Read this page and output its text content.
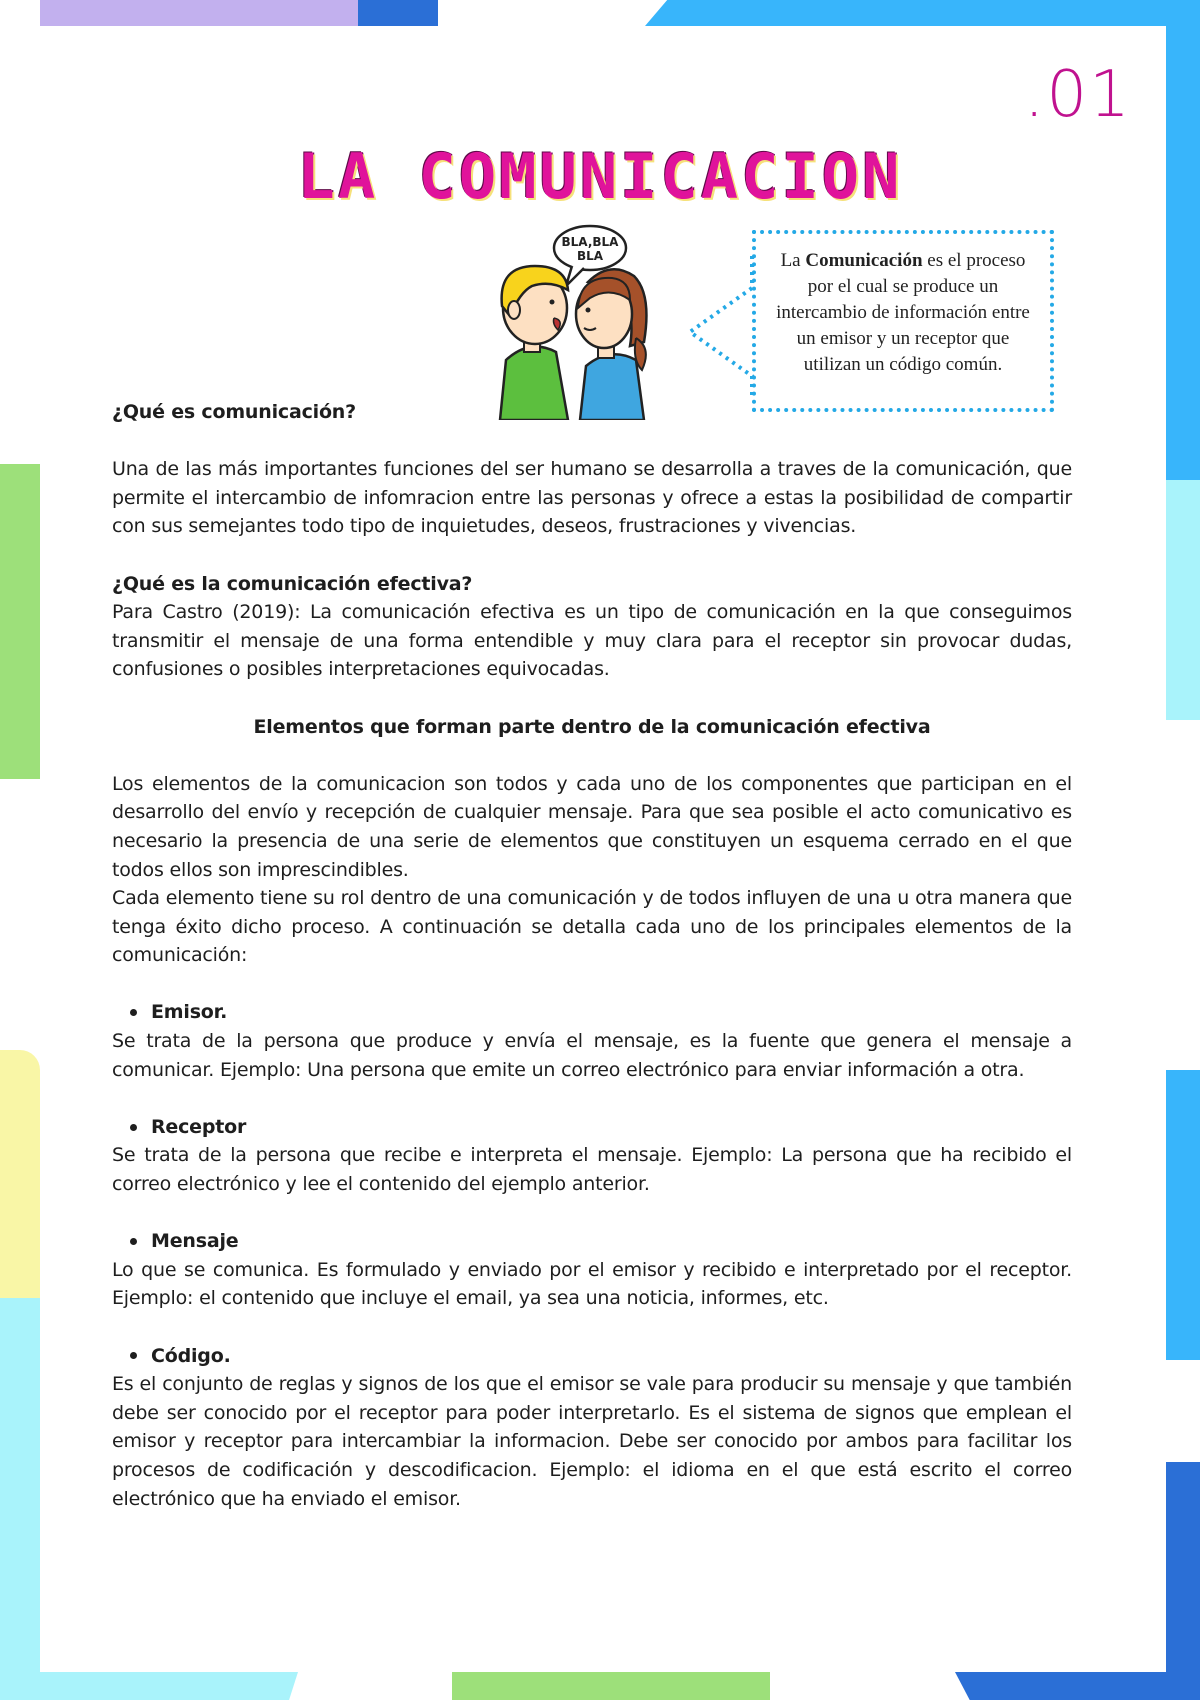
.01
LA COMUNICACION
BLA,BLA
BLA	La Comunicación es el proceso por el cual se produce un intercambio de información entre un emisor y un receptor que utilizan un código común.

¿Qué es comunicación?

Una de las más importantes funciones del ser humano se desarrolla a traves de la comunicación, que permite el intercambio de infomracion entre las personas y ofrece a estas la posibilidad de compartir con sus semejantes todo tipo de inquietudes, deseos, frustraciones y vivencias.

¿Qué es la comunicación efectiva?

Para Castro (2019): La comunicación efectiva es un tipo de comunicación en la que conseguimos transmitir el mensaje de una forma entendible y muy clara para el receptor sin provocar dudas, confusiones o posibles interpretaciones equivocadas.

Elementos que forman parte dentro de la comunicación efectiva

Los elementos de la comunicacion son todos y cada uno de los componentes que participan en el desarrollo del envío y recepción de cualquier mensaje. Para que sea posible el acto comunicativo es necesario la presencia de una serie de elementos que constituyen un esquema cerrado en el que todos ellos son imprescindibles.

Cada elemento tiene su rol dentro de una comunicación y de todos influyen de una u otra manera que tenga éxito dicho proceso. A continuación se detalla cada uno de los principales elementos de la comunicación:

Emisor.

Se trata de la persona que produce y envía el mensaje, es la fuente que genera el mensaje a comunicar. Ejemplo: Una persona que emite un correo electrónico para enviar información a otra.

Receptor

Se trata de la persona que recibe e interpreta el mensaje. Ejemplo: La persona que ha recibido el correo electrónico y lee el contenido del ejemplo anterior.

Mensaje

Lo que se comunica. Es formulado y enviado por el emisor y recibido e interpretado por el receptor. Ejemplo: el contenido que incluye el email, ya sea una noticia, informes, etc.

Código.

Es el conjunto de reglas y signos de los que el emisor se vale para producir su mensaje y que también debe ser conocido por el receptor para poder interpretarlo. Es el sistema de signos que emplean el emisor y receptor para intercambiar la informacion. Debe ser conocido por ambos para facilitar los procesos de codificación y descodificacion. Ejemplo: el idioma en el que está escrito el correo electrónico que ha enviado el emisor.
